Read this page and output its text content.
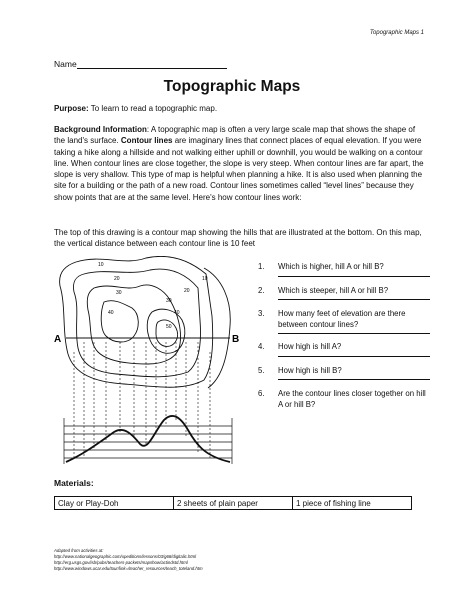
Topographic Maps 1
Name
Topographic Maps
Purpose: To learn to read a topographic map.
Background Information: A topographic map is often a very large scale map that shows the shape of the land's surface. Contour lines are imaginary lines that connect places of equal elevation. If you were taking a hike along a hillside and not walking either uphill or downhill, you would be walking on a contour line. When contour lines are close together, the slope is very steep. When contour lines are far apart, the slope is very shallow. This type of map is helpful when planning a hike. It is also used when planning the site for a building or the path of a new road. Contour lines sometimes called “level lines” because they show points that are at the same level. Here's how contour lines work:
The top of this drawing is a contour map showing the hills that are illustrated at the bottom. On this map, the vertical distance between each contour line is 10 feet
A	B
10
20
30
40
50
40
30
20
10
1. Which is higher, hill A or hill B?
2. Which is steeper, hill A or hill B?
3. How many feet of elevation are there between contour lines?
4. How high is hill A?
5. How high is hill B?
6. Are the contour lines closer together on hill A or hill B?
Materials:
Clay or Play-Doh	2 sheets of plain paper	1 piece of fishing line
Adapted from activities at:
http://www.nationalgeographic.com/xpeditions/lessons/03/g68/digitalic.html
http://erg.usgs.gov/isb/pubs/teachers-packets/mapshow/actindstd.html
http://www.windows.ucar.edu/tour/link=/teacher_resources/teach_toteland.htm
